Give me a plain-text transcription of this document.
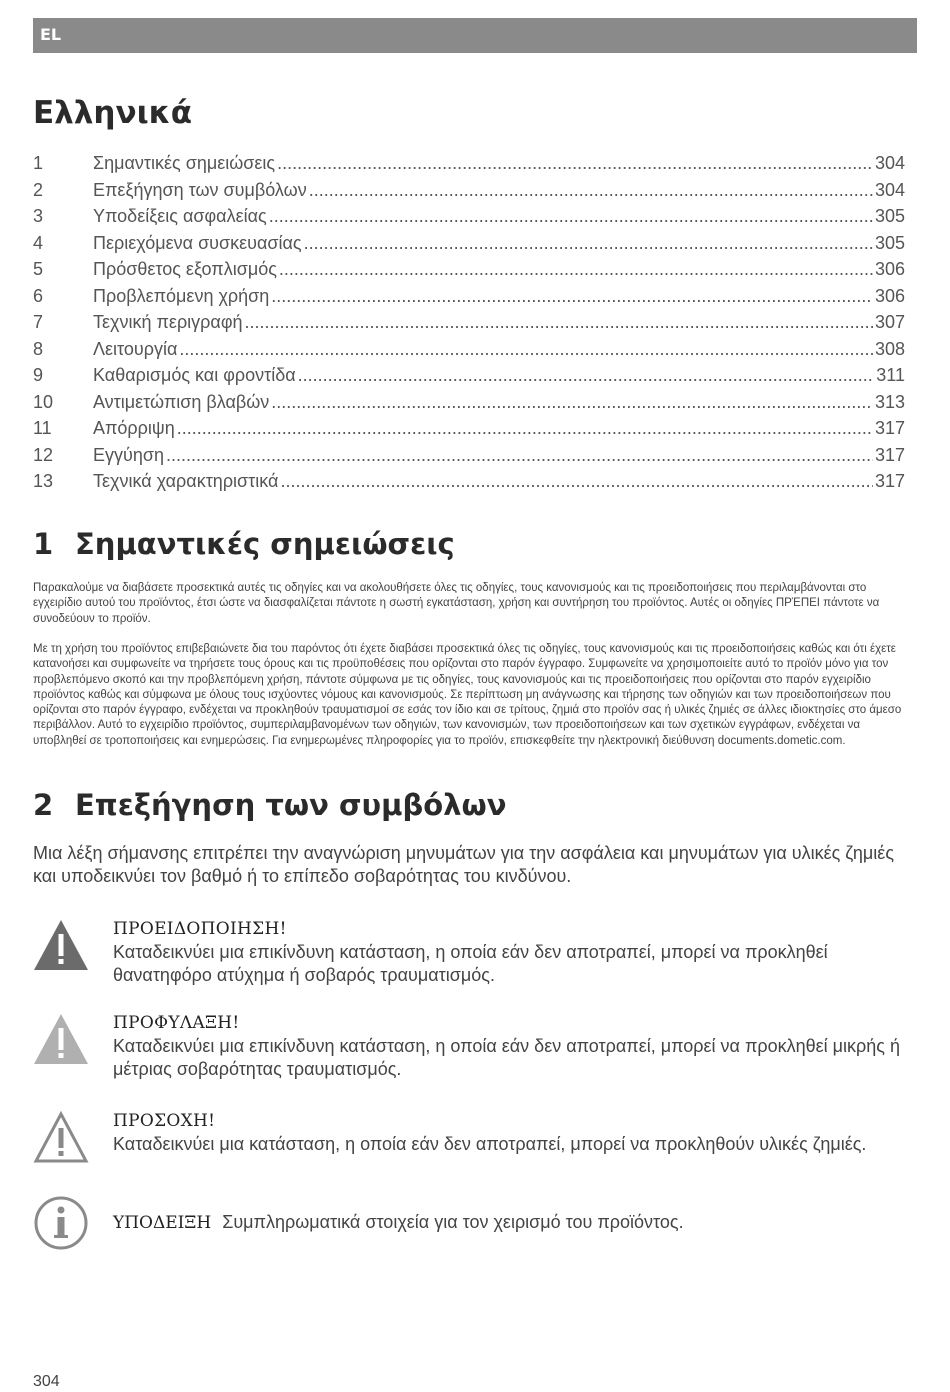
EL
Ελληνικά
1	Σημαντικές σημειώσεις .....	304
2	Επεξήγηση των συμβόλων .....	304
3	Υποδείξεις ασφαλείας .....	305
4	Περιεχόμενα συσκευασίας .....	305
5	Πρόσθετος εξοπλισμός .....	306
6	Προβλεπόμενη χρήση .....	306
7	Τεχνική περιγραφή .....	307
8	Λειτουργία .....	308
9	Καθαρισμός και φροντίδα .....	311
10	Αντιμετώπιση βλαβών .....	313
11	Απόρριψη .....	317
12	Εγγύηση .....	317
13	Τεχνικά χαρακτηριστικά .....	317
1 Σημαντικές σημειώσεις

Παρακαλούμε να διαβάσετε προσεκτικά αυτές τις οδηγίες και να ακολουθήσετε όλες τις οδηγίες, τους κανονισμούς και τις προειδοποιήσεις που περιλαμβάνονται στο εγχειρίδιο αυτού του προϊόντος, έτσι ώστε να διασφαλίζεται πάντοτε η σωστή εγκατάσταση, χρήση και συντήρηση του προϊόντος. Αυτές οι οδηγίες ΠΡΈΠΕΙ πάντοτε να συνοδεύουν το προϊόν.

Με τη χρήση του προϊόντος επιβεβαιώνετε δια του παρόντος ότι έχετε διαβάσει προσεκτικά όλες τις οδηγίες, τους κανονισμούς και τις προειδοποιήσεις καθώς και ότι έχετε κατανοήσει και συμφωνείτε να τηρήσετε τους όρους και τις προϋποθέσεις που ορίζονται στο παρόν έγγραφο. Συμφωνείτε να χρησιμοποιείτε αυτό το προϊόν μόνο για τον προβλεπόμενο σκοπό και την προβλεπόμενη χρήση, πάντοτε σύμφωνα με τις οδηγίες, τους κανονισμούς και τις προειδοποιήσεις που ορίζονται στο παρόν εγχειρίδιο προϊόντος καθώς και σύμφωνα με όλους τους ισχύοντες νόμους και κανονισμούς. Σε περίπτωση μη ανάγνωσης και τήρησης των οδηγιών και των προειδοποιήσεων που ορίζονται στο παρόν έγγραφο, ενδέχεται να προκληθούν τραυματισμοί σε εσάς τον ίδιο και σε τρίτους, ζημιά στο προϊόν σας ή υλικές ζημιές σε άλλες ιδιοκτησίες στο άμεσο περιβάλλον. Αυτό το εγχειρίδιο προϊόντος, συμπεριλαμβανομένων των οδηγιών, των κανονισμών, των προειδοποιήσεων και των σχετικών εγγράφων, ενδέχεται να υποβληθεί σε τροποποιήσεις και ενημερώσεις. Για ενημερωμένες πληροφορίες για το προϊόν, επισκεφθείτε την ηλεκτρονική διεύθυνση documents.dometic.com.

2 Επεξήγηση των συμβόλων

Μια λέξη σήμανσης επιτρέπει την αναγνώριση μηνυμάτων για την ασφάλεια και μηνυμάτων για υλικές ζημιές και υποδεικνύει τον βαθμό ή το επίπεδο σοβαρότητας του κινδύνου.

ΠΡΟΕΙΔΟΠΟΙΗΣΗ!
Καταδεικνύει μια επικίνδυνη κατάσταση, η οποία εάν δεν αποτραπεί, μπορεί να προκληθεί θανατηφόρο ατύχημα ή σοβαρός τραυματισμός.
ΠΡΟΦΥΛΑΞΗ!
Καταδεικνύει μια επικίνδυνη κατάσταση, η οποία εάν δεν αποτραπεί, μπορεί να προκληθεί μικρής ή μέτριας σοβαρότητας τραυματισμός.
ΠΡΟΣΟΧΗ!
Καταδεικνύει μια κατάσταση, η οποία εάν δεν αποτραπεί, μπορεί να προκληθούν υλικές ζημιές.
ΥΠΟΔΕΙΞΗ Συμπληρωματικά στοιχεία για τον χειρισμό του προϊόντος.
304
